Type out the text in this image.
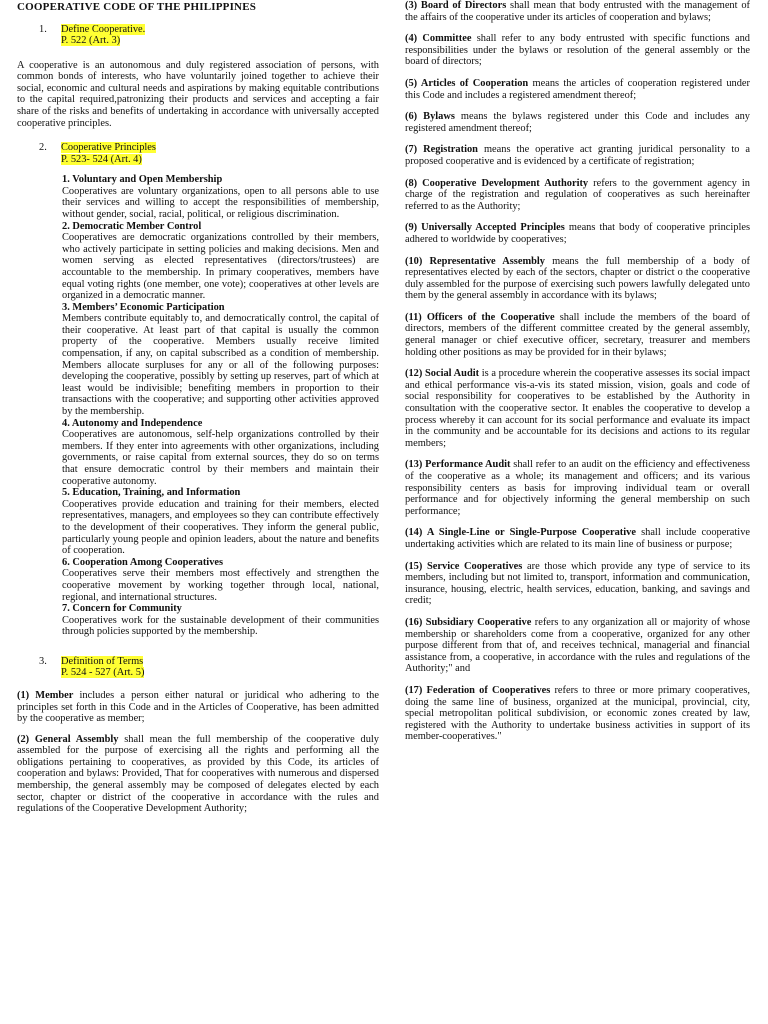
COOPERATIVE CODE OF THE PHILIPPINES
1.	Define Cooperative.
P. 522 (Art. 3)

A cooperative is an autonomous and duly registered association of persons, with common bonds of interests, who have voluntarily joined together to achieve their social, economic and cultural needs and aspirations by making equitable contributions to the capital required,patronizing their products and services and accepting a fair share of the risks and benefits of undertaking in accordance with universally accepted cooperative principles.

2.	Cooperative Principles
P. 523- 524 (Art. 4)
1. Voluntary and Open Membership

Cooperatives are voluntary organizations, open to all persons able to use their services and willing to accept the responsibilities of membership, without gender, social, racial, political, or religious discrimination.

2. Democratic Member Control

Cooperatives are democratic organizations controlled by their members, who actively participate in setting policies and making decisions. Men and women serving as elected representatives (directors/trustees) are accountable to the membership. In primary cooperatives, members have equal voting rights (one member, one vote); cooperatives at other levels are organized in a democratic manner.

3. Members’ Economic Participation

Members contribute equitably to, and democratically control, the capital of their cooperative. At least part of that capital is usually the common property of the cooperative. Members usually receive limited compensation, if any, on capital subscribed as a condition of membership. Members allocate surpluses for any or all of the following purposes: developing the cooperative, possibly by setting up reserves, part of which at least would be indivisible; benefiting members in proportion to their transactions with the cooperative; and supporting other activities approved by the membership.

4. Autonomy and Independence

Cooperatives are autonomous, self-help organizations controlled by their members. If they enter into agreements with other organizations, including governments, or raise capital from external sources, they do so on terms that ensure democratic control by their members and maintain their cooperative autonomy.

5. Education, Training, and Information

Cooperatives provide education and training for their members, elected representatives, managers, and employees so they can contribute effectively to the development of their cooperatives. They inform the general public, particularly young people and opinion leaders, about the nature and benefits of cooperation.

6. Cooperation Among Cooperatives

Cooperatives serve their members most effectively and strengthen the cooperative movement by working together through local, national, regional, and international structures.

7. Concern for Community

Cooperatives work for the sustainable development of their communities through policies supported by the membership.

3.	Definition of Terms
P. 524 - 527 (Art. 5)

(1) Member includes a person either natural or juridical who adhering to the principles set forth in this Code and in the Articles of Cooperative, has been admitted by the cooperative as member;

(2) General Assembly shall mean the full membership of the cooperative duly assembled for the purpose of exercising all the rights and performing all the obligations pertaining to cooperatives, as provided by this Code, its articles of cooperation and bylaws: Provided, That for cooperatives with numerous and dispersed membership, the general assembly may be composed of delegates elected by each sector, chapter or district of the cooperative in accordance with the rules and regulations of the Cooperative Development Authority;

(3) Board of Directors shall mean that body entrusted with the management of the affairs of the cooperative under its articles of cooperation and bylaws;

(4) Committee shall refer to any body entrusted with specific functions and responsibilities under the bylaws or resolution of the general assembly or the board of directors;

(5) Articles of Cooperation means the articles of cooperation registered under this Code and includes a registered amendment thereof;

(6) Bylaws means the bylaws registered under this Code and includes any registered amendment thereof;

(7) Registration means the operative act granting juridical personality to a proposed cooperative and is evidenced by a certificate of registration;

(8) Cooperative Development Authority refers to the government agency in charge of the registration and regulation of cooperatives as such hereinafter referred to as the Authority;

(9) Universally Accepted Principles means that body of cooperative principles adhered to worldwide by cooperatives;

(10) Representative Assembly means the full membership of a body of representatives elected by each of the sectors, chapter or district o the cooperative duly assembled for the purpose of exercising such powers lawfully delegated unto them by the general assembly in accordance with its bylaws;

(11) Officers of the Cooperative shall include the members of the board of directors, members of the different committee created by the general assembly, general manager or chief executive officer, secretary, treasurer and members holding other positions as may be provided for in their bylaws;

(12) Social Audit is a procedure wherein the cooperative assesses its social impact and ethical performance vis-a-vis its stated mission, vision, goals and code of social responsibility for cooperatives to be established by the Authority in consultation with the cooperative sector. It enables the cooperative to develop a process whereby it can account for its social performance and evaluate its impact in the community and be accountable for its decisions and actions to its regular members;

(13) Performance Audit shall refer to an audit on the efficiency and effectiveness of the cooperative as a whole; its management and officers; and its various responsibility centers as basis for improving individual team or overall performance and for objectively informing the general membership on such performance;

(14) A Single-Line or Single-Purpose Cooperative shall include cooperative undertaking activities which are related to its main line of business or purpose;

(15) Service Cooperatives are those which provide any type of service to its members, including but not limited to, transport, information and communication, insurance, housing, electric, health services, education, banking, and savings and credit;

(16) Subsidiary Cooperative refers to any organization all or majority of whose membership or shareholders come from a cooperative, organized for any other purpose different from that of, and receives technical, managerial and financial assistance from, a cooperative, in accordance with the rules and regulations of the Authority;" and

(17) Federation of Cooperatives refers to three or more primary cooperatives, doing the same line of business, organized at the municipal, provincial, city, special metropolitan political subdivision, or economic zones created by law, registered with the Authority to undertake business activities in support of its member-cooperatives."
